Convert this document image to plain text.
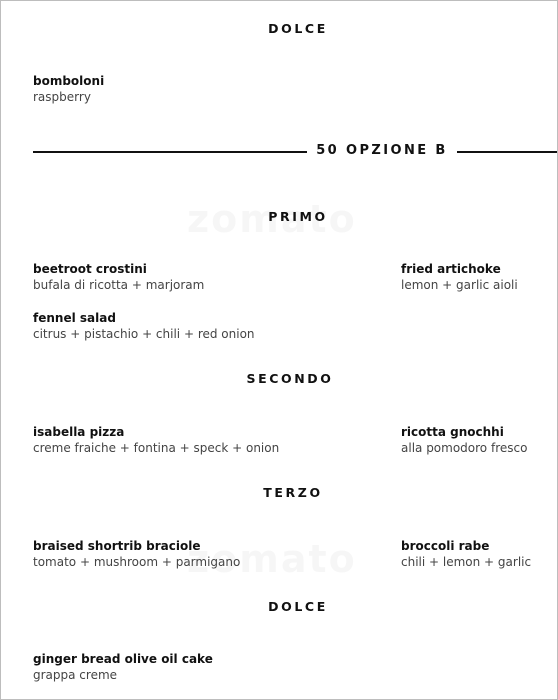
DOLCE
bomboloni
raspberry
50 OPZIONE B
PRIMO
beetroot crostini
bufala di ricotta + marjoram
fried artichoke
lemon + garlic aioli
fennel salad
citrus + pistachio + chili + red onion
SECONDO
isabella pizza
creme fraiche + fontina + speck + onion
ricotta gnochhi
alla pomodoro fresco
TERZO
braised shortrib braciole
tomato + mushroom + parmigano
broccoli rabe
chili + lemon + garlic
DOLCE
ginger bread olive oil cake
grappa creme
